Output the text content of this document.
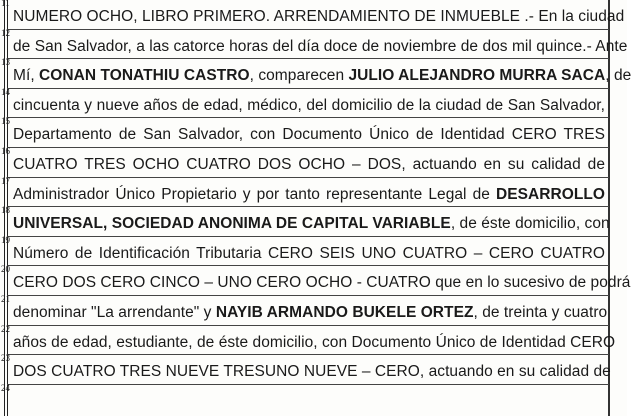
11
NUMERO OCHO, LIBRO PRIMERO. ARRENDAMIENTO DE INMUEBLE .- En la ciudad
12
de San Salvador, a las catorce horas del día doce de noviembre de dos mil quince.- Ante
13
Mí, CONAN TONATHIU CASTRO, comparecen JULIO ALEJANDRO MURRA SACA, de
14
cincuenta y nueve años de edad, médico, del domicilio de la ciudad de San Salvador,
15
Departamento de San Salvador, con Documento Único de Identidad CERO TRES
16
CUATRO TRES OCHO CUATRO DOS OCHO – DOS, actuando en su calidad de
17
Administrador Único Propietario y por tanto representante Legal de DESARROLLO
18
UNIVERSAL, SOCIEDAD ANONIMA DE CAPITAL VARIABLE, de éste domicilio, con
19
Número de Identificación Tributaria CERO SEIS UNO CUATRO – CERO CUATRO
20
CERO DOS CERO CINCO – UNO CERO OCHO - CUATRO que en lo sucesivo de podrá
21
denominar "La arrendante" y NAYIB ARMANDO BUKELE ORTEZ, de treinta y cuatro
22
años de edad, estudiante, de éste domicilio, con Documento Único de Identidad CERO
23
DOS CUATRO TRES NUEVE TRESUNO NUEVE – CERO, actuando en su calidad de
24
